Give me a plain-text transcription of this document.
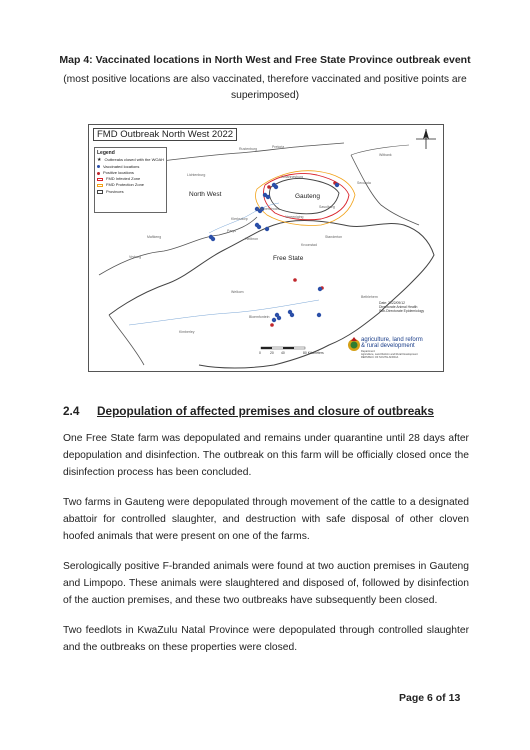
Map 4: Vaccinated locations in North West and Free State Province outbreak event
(most positive locations are also vaccinated, therefore vaccinated and positive points are superimposed)
FMD Outbreak North West 2022
Legend
★ Outbreaks closed with the WOAH
Vaccinated locations
Positive locations
FMD Infected Zone
FMD Protection Zone
Provinces	North West	Gauteng
Free State
Pretoria
Johannesburg
Vereeniging
Klerksdorp
Potchefstroom
Lichtenburg
Rustenburg
Witbank
Welkom
Kroonstad
Bethlehem
Bloemfontein
Kimberley
Mafikeng
Vryburg
Secunda
Standerton
Heilbron
Parys
Sasolburg
Date: 2022/09/12
Directorate Animal Health
Sub-Directorate Epidemiology
agriculture, land reform
& rural development
Department:
Agriculture, Land Reform and Rural Development
REPUBLIC OF SOUTH AFRICA
0	20 40	80 Kilometers
2.4 Depopulation of affected premises and closure of outbreaks
One Free State farm was depopulated and remains under quarantine until 28 days after depopulation and disinfection. The outbreak on this farm will be officially closed once the disinfection process has been concluded.
Two farms in Gauteng were depopulated through movement of the cattle to a designated abattoir for controlled slaughter, and destruction with safe disposal of other cloven hoofed animals that were present on one of the farms.
Serologically positive F-branded animals were found at two auction premises in Gauteng and Limpopo. These animals were slaughtered and disposed of, followed by disinfection of the auction premises, and these two outbreaks have subsequently been closed.
Two feedlots in KwaZulu Natal Province were depopulated through controlled slaughter and the outbreaks on these properties were closed.
Page 6 of 13
